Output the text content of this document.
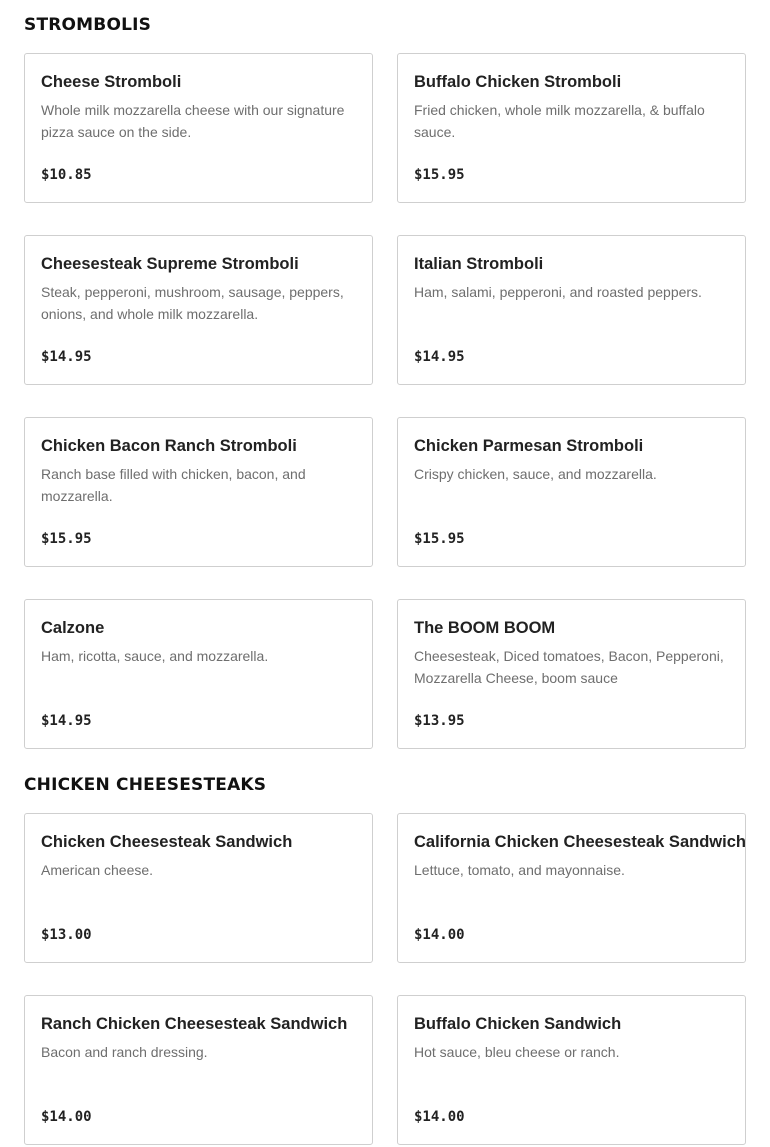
STROMBOLIS
Cheese Stromboli
Whole milk mozzarella cheese with our signature pizza sauce on the side.
$10.85
Buffalo Chicken Stromboli
Fried chicken, whole milk mozzarella, & buffalo sauce.
$15.95
Cheesesteak Supreme Stromboli
Steak, pepperoni, mushroom, sausage, peppers, onions, and whole milk mozzarella.
$14.95
Italian Stromboli
Ham, salami, pepperoni, and roasted peppers.
$14.95
Chicken Bacon Ranch Stromboli
Ranch base filled with chicken, bacon, and mozzarella.
$15.95
Chicken Parmesan Stromboli
Crispy chicken, sauce, and mozzarella.
$15.95
Calzone
Ham, ricotta, sauce, and mozzarella.
$14.95
The BOOM BOOM
Cheesesteak, Diced tomatoes, Bacon, Pepperoni, Mozzarella Cheese, boom sauce
$13.95
CHICKEN CHEESESTEAKS
Chicken Cheesesteak Sandwich
American cheese.
$13.00
California Chicken Cheesesteak Sandwich
Lettuce, tomato, and mayonnaise.
$14.00
Ranch Chicken Cheesesteak Sandwich
Bacon and ranch dressing.
$14.00
Buffalo Chicken Sandwich
Hot sauce, bleu cheese or ranch.
$14.00
